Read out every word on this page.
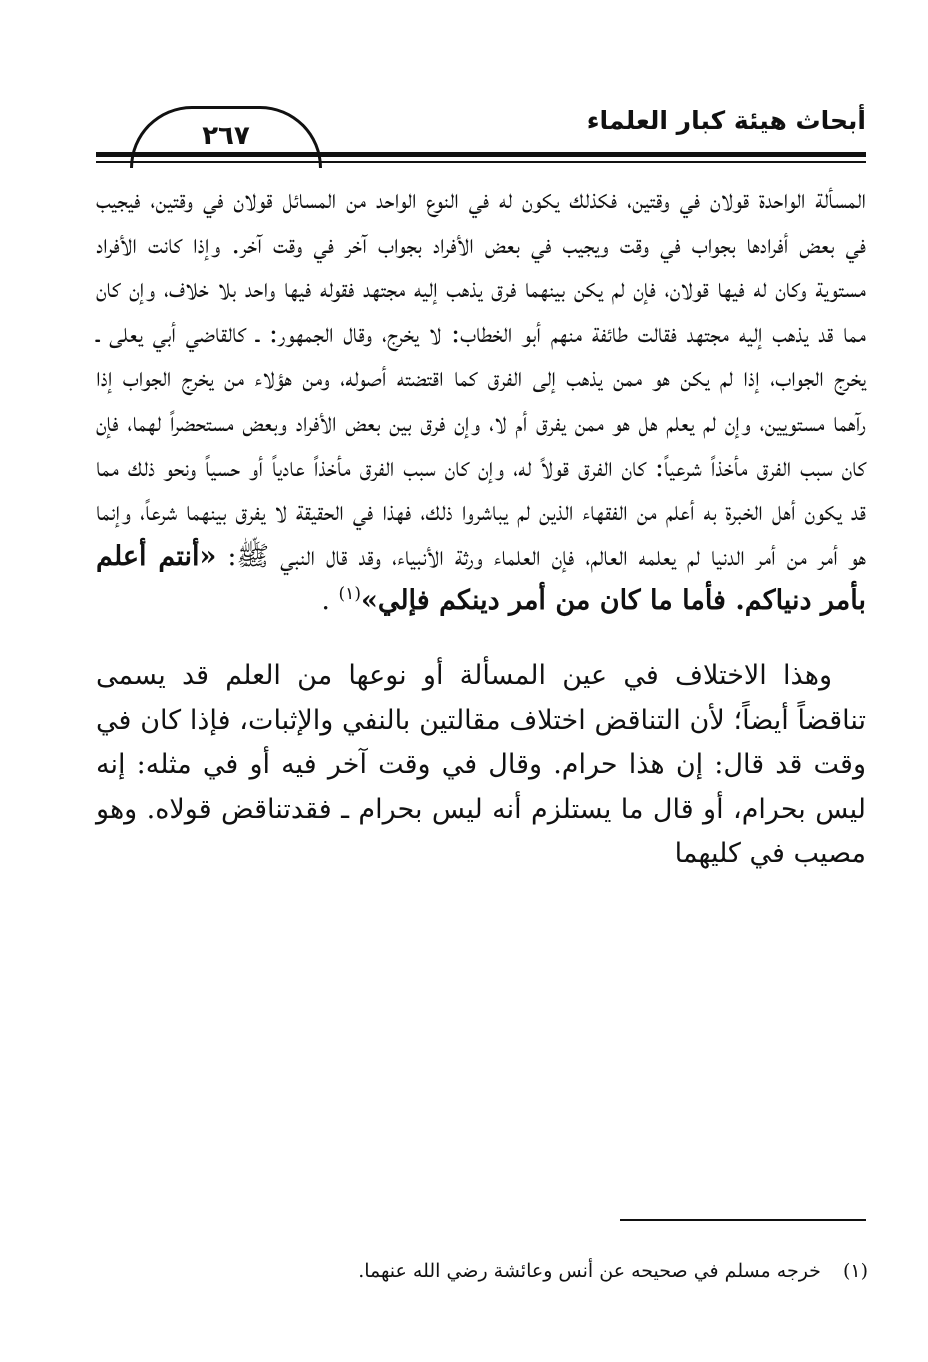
أبحاث هيئة كبار العلماء
٢٦٧

المسألة الواحدة قولان في وقتين، فكذلك يكون له في النوع الواحد من المسائل قولان في وقتين، فيجيب في بعض أفرادها بجواب في وقت ويجيب في بعض الأفراد بجواب آخر في وقت آخر. وإذا كانت الأفراد مستوية وكان له فيها قولان، فإن لم يكن بينهما فرق يذهب إليه مجتهد فقوله فيها واحد بلا خلاف، وإن كان مما قد يذهب إليه مجتهد فقالت طائفة منهم أبو الخطاب: لا يخرج، وقال الجمهور: ـ كالقاضي أبي يعلى ـ يخرج الجواب، إذا لم يكن هو ممن يذهب إلى الفرق كما اقتضته أصوله، ومن هؤلاء من يخرج الجواب إذا رآهما مستويين، وإن لم يعلم هل هو ممن يفرق أم لا، وإن فرق بين بعض الأفراد وبعض مستحضراً لهما، فإن كان سبب الفرق مأخذاً شرعياً: كان الفرق قولاً له، وإن كان سبب الفرق مأخذاً عادياً أو حسياً ونحو ذلك مما قد يكون أهل الخبرة به أعلم من الفقهاء الذين لم يباشروا ذلك، فهذا في الحقيقة لا يفرق بينهما شرعاً، وإنما هو أمر من أمر الدنيا لم يعلمه العالم، فإن العلماء ورثة الأنبياء، وقد قال النبي ﷺ: «أنتم أعلم بأمر دنياكم. فأما ما كان من أمر دينكم فإلي»$^{(١)}$ .

وهذا الاختلاف في عين المسألة أو نوعها من العلم قد يسمى تناقضاً أيضاً؛ لأن التناقض اختلاف مقالتين بالنفي والإثبات، فإذا كان في وقت قد قال: إن هذا حرام. وقال في وقت آخر فيه أو في مثله: إنه ليس بحرام، أو قال ما يستلزم أنه ليس بحرام ـ فقدتناقض قولاه. وهو مصيب في كليهما

(١)خرجه مسلم في صحيحه عن أنس وعائشة رضي الله عنهما.
